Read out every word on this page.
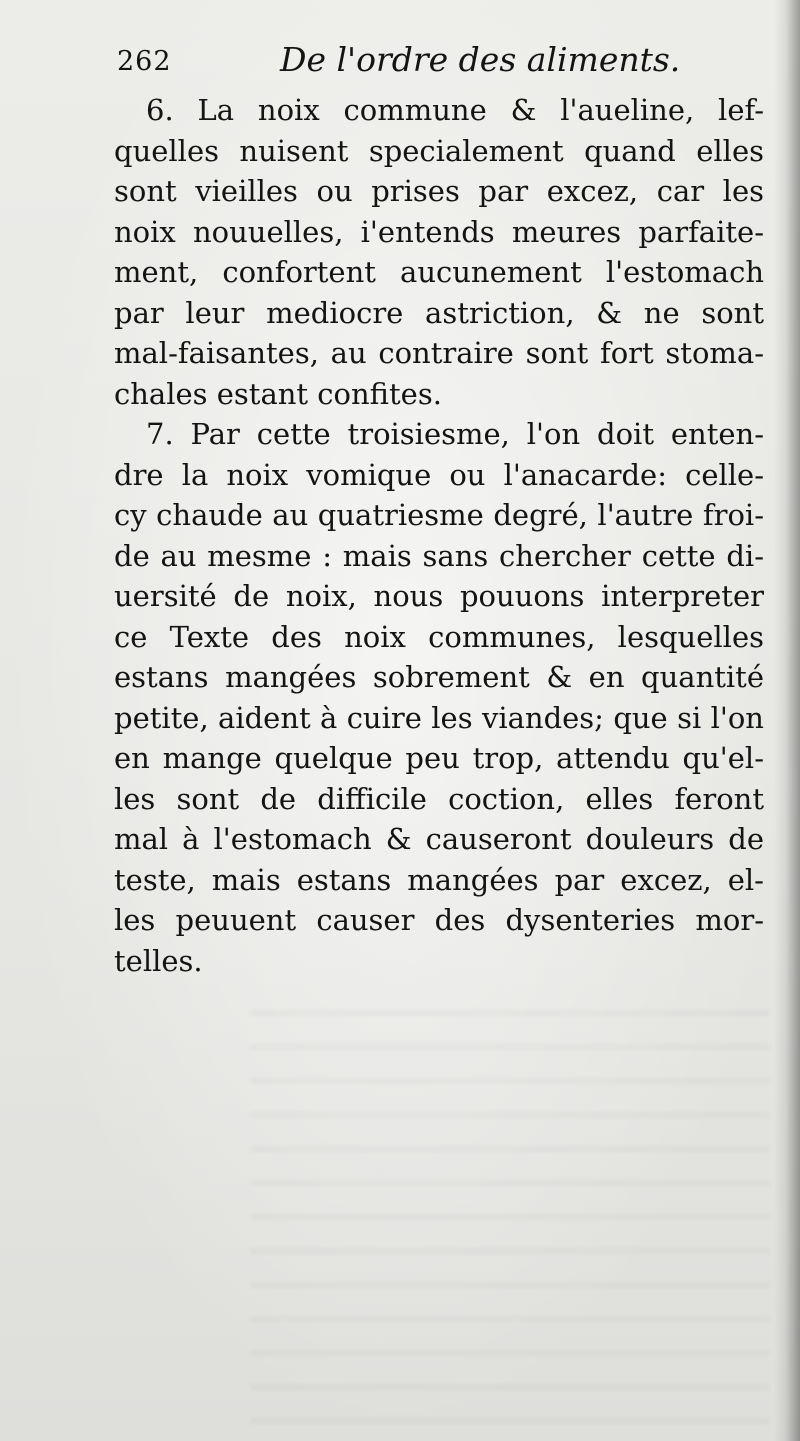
262	De l'ordre des aliments.
6. La noix commune & l'aueline, lef-
quelles nuisent specialement quand elles
sont vieilles ou prises par excez, car les
noix nouuelles, i'entends meures parfaite-
ment, confortent aucunement l'estomach
par leur mediocre astriction, & ne sont
mal-faisantes, au contraire sont fort stoma-
chales estant confites.
7. Par cette troisiesme, l'on doit enten-
dre la noix vomique ou l'anacarde: celle-
cy chaude au quatriesme degré, l'autre froi-
de au mesme : mais sans chercher cette di-
uersité de noix, nous pouuons interpreter
ce Texte des noix communes, lesquelles
estans mangées sobrement & en quantité
petite, aident à cuire les viandes; que si l'on
en mange quelque peu trop, attendu qu'el-
les sont de difficile coction, elles feront
mal à l'estomach & causeront douleurs de
teste, mais estans mangées par excez, el-
les peuuent causer des dysenteries mor-
telles.
